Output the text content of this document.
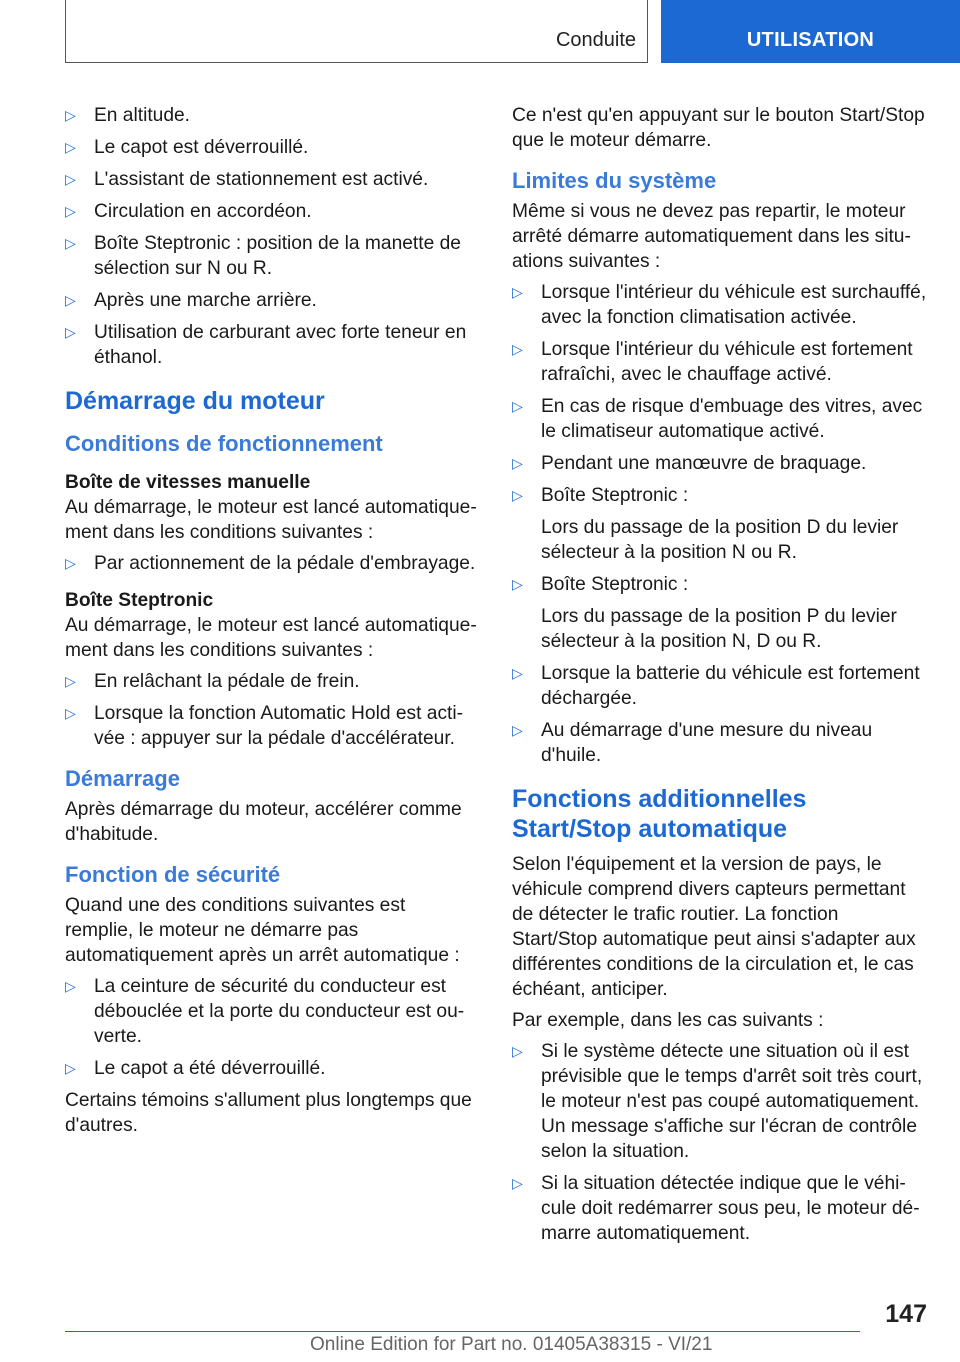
Conduite	UTILISATION
▷ En altitude.
▷ Le capot est déverrouillé.
▷ L'assistant de stationnement est activé.
▷ Circulation en accordéon.
▷ Boîte Steptronic : position de la manette de sélection sur N ou R.
▷ Après une marche arrière.
▷ Utilisation de carburant avec forte teneur en éthanol.
Démarrage du moteur
Conditions de fonctionnement
Boîte de vitesses manuelle
Au démarrage, le moteur est lancé automatiquement dans les conditions suivantes :
▷ Par actionnement de la pédale d'embrayage.
Boîte Steptronic
Au démarrage, le moteur est lancé automatiquement dans les conditions suivantes :
▷ En relâchant la pédale de frein.
▷ Lorsque la fonction Automatic Hold est activée : appuyer sur la pédale d'accélérateur.
Démarrage
Après démarrage du moteur, accélérer comme d'habitude.
Fonction de sécurité
Quand une des conditions suivantes est remplie, le moteur ne démarre pas automatiquement après un arrêt automatique :
▷ La ceinture de sécurité du conducteur est débouclée et la porte du conducteur est ouverte.
▷ Le capot a été déverrouillé.
Certains témoins s'allument plus longtemps que d'autres.
Ce n'est qu'en appuyant sur le bouton Start/Stop que le moteur démarre.
Limites du système
Même si vous ne devez pas repartir, le moteur arrêté démarre automatiquement dans les situations suivantes :
▷ Lorsque l'intérieur du véhicule est surchauffé, avec la fonction climatisation activée.
▷ Lorsque l'intérieur du véhicule est fortement rafraîchi, avec le chauffage activé.
▷ En cas de risque d'embuage des vitres, avec le climatiseur automatique activé.
▷ Pendant une manœuvre de braquage.
▷ Boîte Steptronic :
Lors du passage de la position D du levier sélecteur à la position N ou R.
▷ Boîte Steptronic :
Lors du passage de la position P du levier sélecteur à la position N, D ou R.
▷ Lorsque la batterie du véhicule est fortement déchargée.
▷ Au démarrage d'une mesure du niveau d'huile.
Fonctions additionnelles Start/Stop automatique
Selon l'équipement et la version de pays, le véhicule comprend divers capteurs permettant de détecter le trafic routier. La fonction Start/Stop automatique peut ainsi s'adapter aux différentes conditions de la circulation et, le cas échéant, anticiper.
Par exemple, dans les cas suivants :
▷ Si le système détecte une situation où il est prévisible que le temps d'arrêt soit très court, le moteur n'est pas coupé automatiquement. Un message s'affiche sur l'écran de contrôle selon la situation.
▷ Si la situation détectée indique que le véhicule doit redémarrer sous peu, le moteur démarre automatiquement.
147
Online Edition for Part no. 01405A38315 - VI/21
